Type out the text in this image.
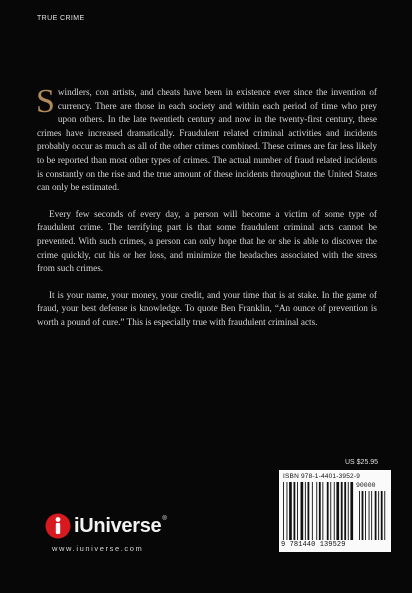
TRUE CRIME

Swindlers, con artists, and cheats have been in existence ever since the invention of currency. There are those in each society and within each period of time who prey upon others. In the late twentieth century and now in the twenty-first century, these crimes have increased dramatically. Fraudulent related criminal activities and incidents probably occur as much as all of the other crimes combined. These crimes are far less likely to be reported than most other types of crimes. The actual number of fraud related incidents is constantly on the rise and the true amount of these incidents throughout the United States can only be estimated.

Every few seconds of every day, a person will become a victim of some type of fraudulent crime. The terrifying part is that some fraudulent criminal acts cannot be prevented. With such crimes, a person can only hope that he or she is able to discover the crime quickly, cut his or her loss, and minimize the headaches associated with the stress from such crimes.

It is your name, your money, your credit, and your time that is at stake. In the game of fraud, your best defense is knowledge. To quote Ben Franklin, “An ounce of prevention is worth a pound of cure.” This is especially true with fraudulent criminal acts.

US $25.95
ISBN 978-1-4401-3952-9
90000
9 781440 139529
iUniverse ®
www.iuniverse.com
